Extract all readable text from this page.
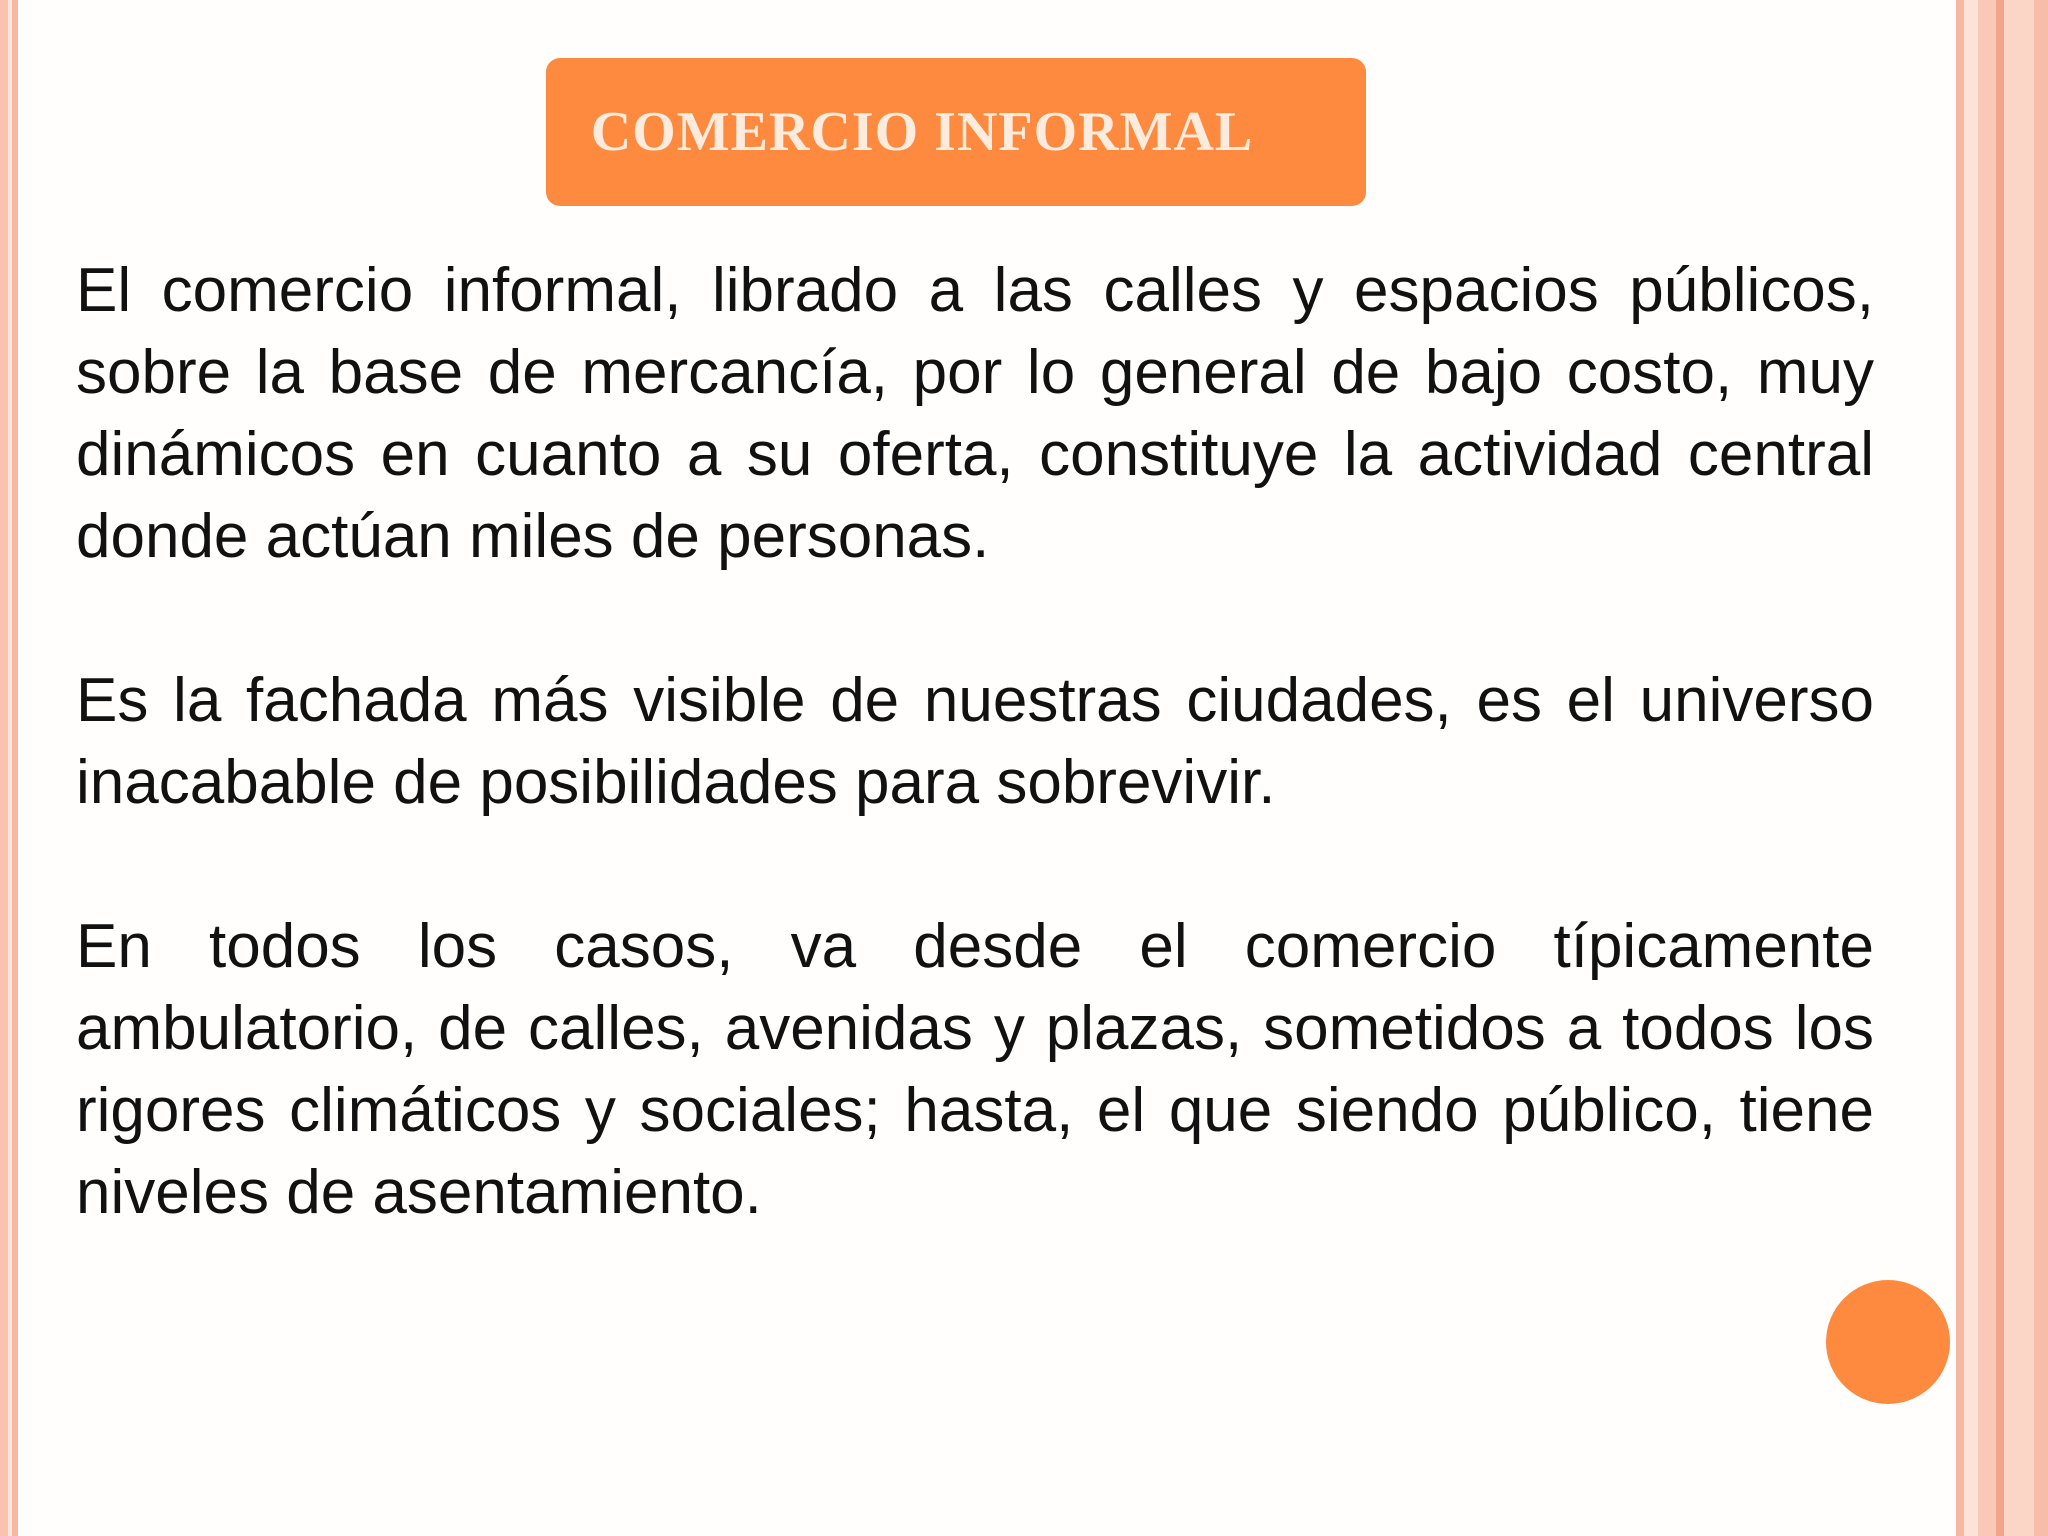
COMERCIO INFORMAL

El comercio informal, librado a las calles y espacios públicos, sobre la base de mercancía, por lo general de bajo costo, muy dinámicos en cuanto a su oferta, constituye la actividad central donde actúan miles de personas.

Es la fachada más visible de nuestras ciudades, es el universo inacabable de posibilidades para sobrevivir.

En todos los casos, va desde el comercio típicamente ambulatorio, de calles, avenidas y plazas, sometidos a todos los rigores climáticos y sociales; hasta, el que siendo público, tiene niveles de asentamiento.
